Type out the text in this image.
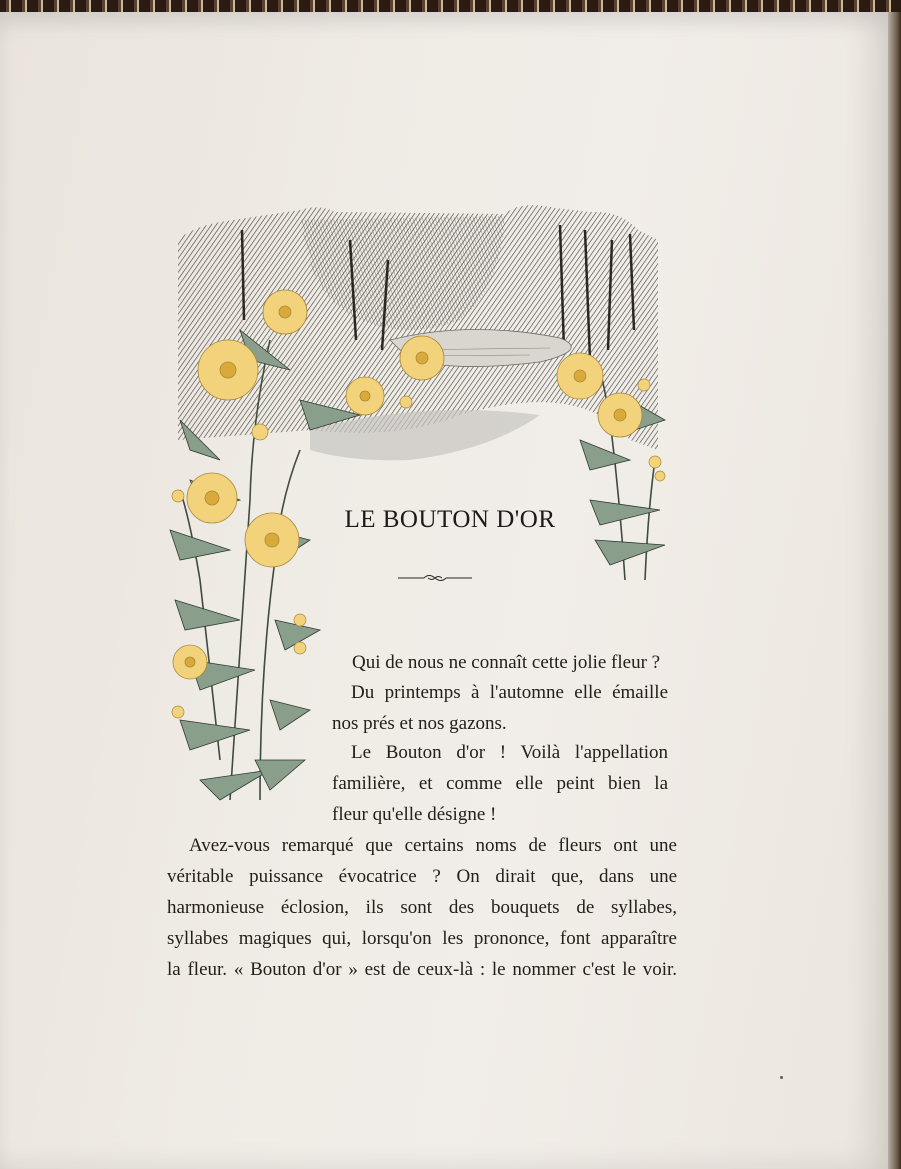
LE BOUTON D'OR

Qui de nous ne connaît cette jolie fleur ?

Du printemps à l'automne elle émaille
nos prés et nos gazons.

Le Bouton d'or ! Voilà l'appellation
familière, et comme elle peint bien la
fleur qu'elle désigne !

Avez-vous remarqué que certains noms de fleurs ont une
véritable puissance évocatrice ? On dirait que, dans une
harmonieuse éclosion, ils sont des bouquets de syllabes,
syllabes magiques qui, lorsqu'on les prononce, font apparaître
la fleur. « Bouton d'or » est de ceux-là : le nommer c'est le voir.
